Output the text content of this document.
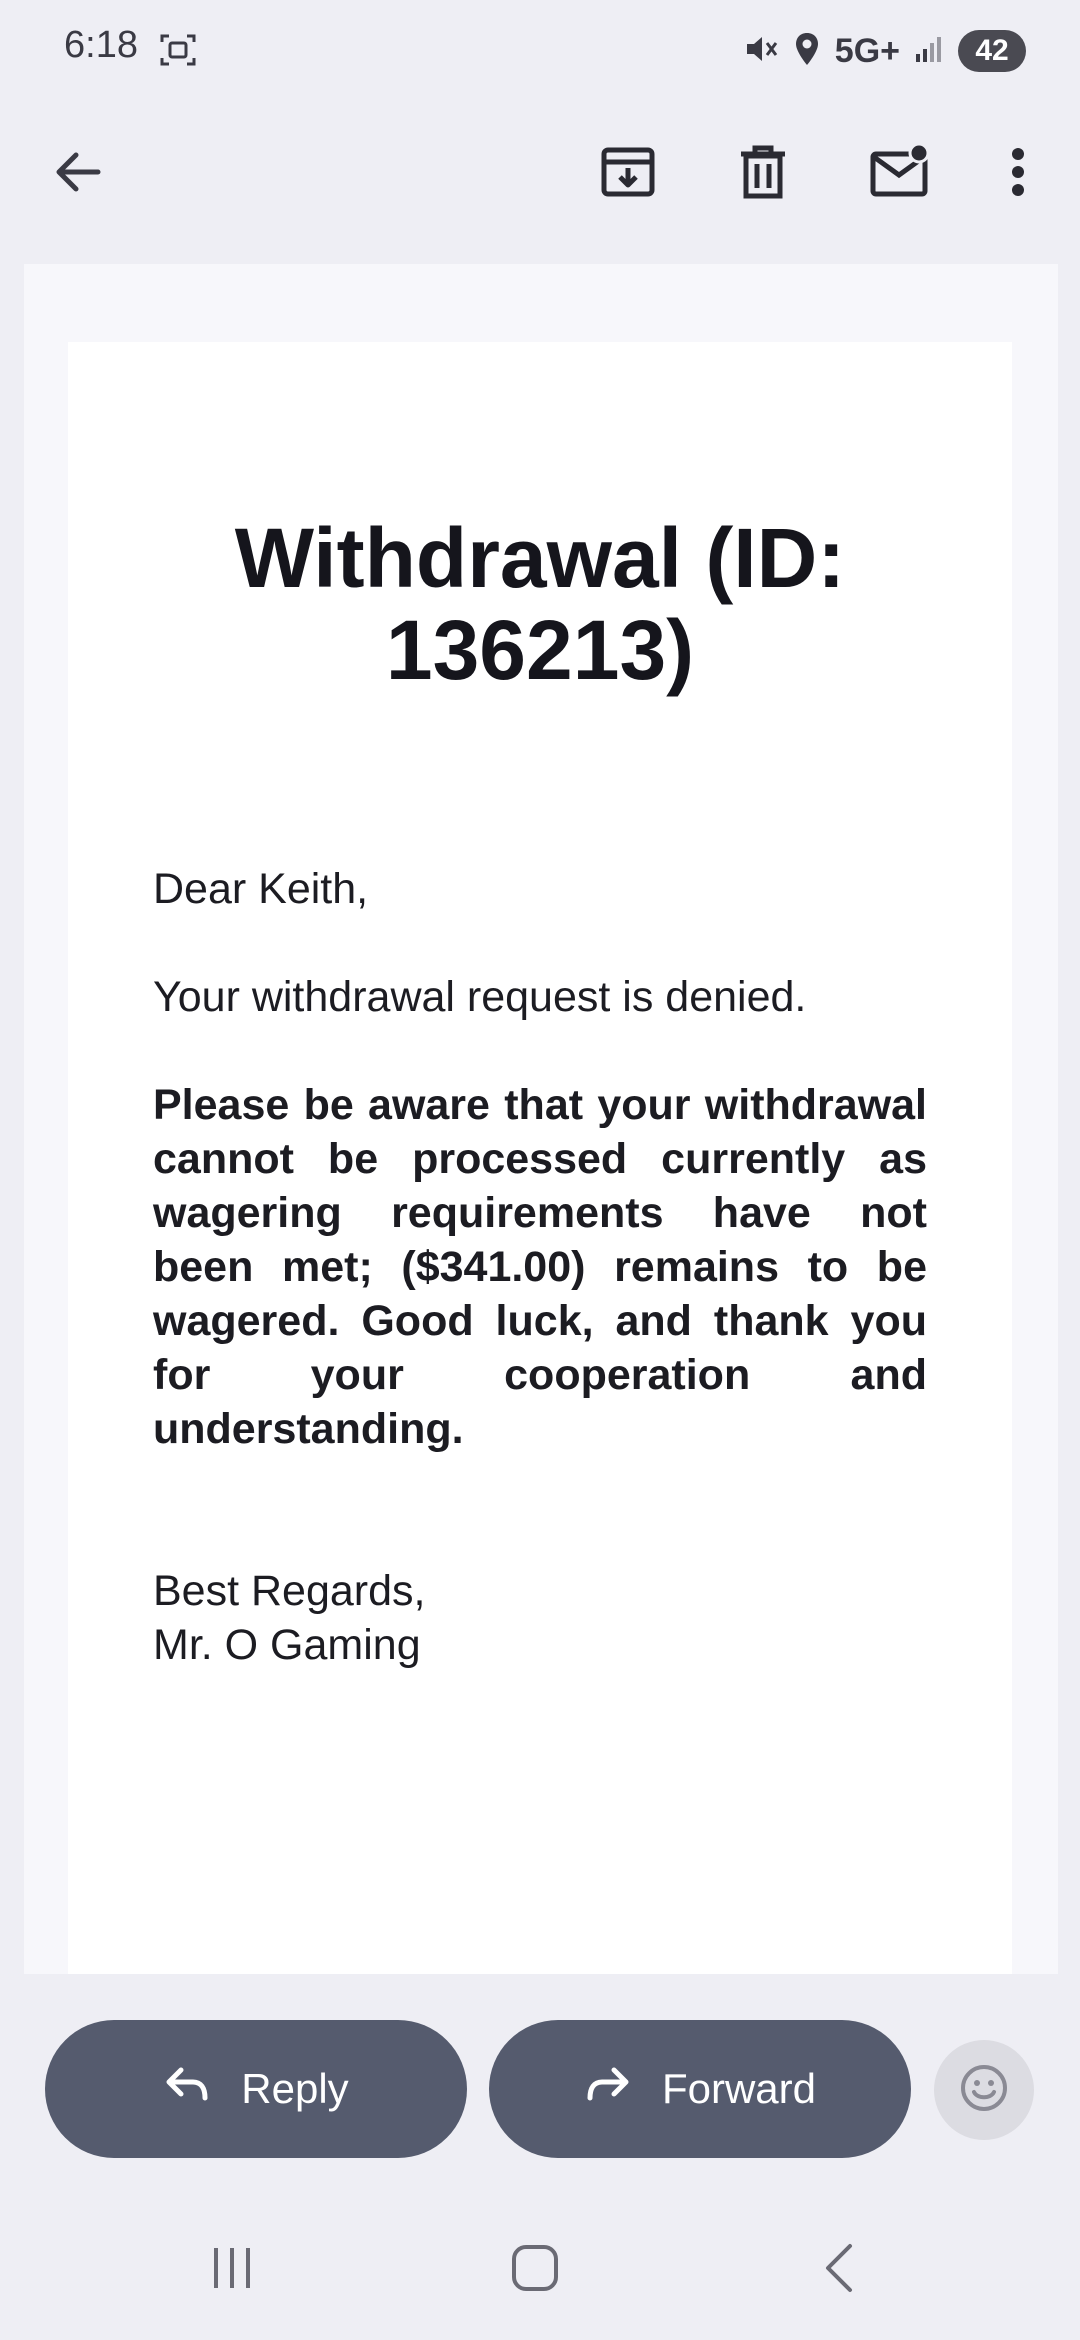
6:18	5G+	42
Withdrawal (ID:
136213)

Dear Keith,

Your withdrawal request is denied.

Please be aware that your withdrawal cannot be processed currently as wagering requirements have not been met; ($341.00) remains to be wagered. Good luck, and thank you for your cooperation and understanding.

Best Regards,

Mr. O Gaming

Reply	Forward
